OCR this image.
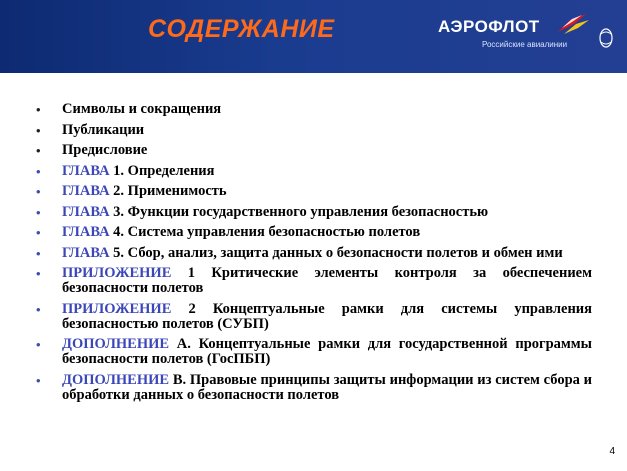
СОДЕРЖАНИЕ	АЭРОФЛОТ
Российские авиалинии
• Символы и сокращения
• Публикации
• Предисловие
• ГЛАВА 1. Определения
• ГЛАВА 2. Применимость
• ГЛАВА 3. Функции государственного управления безопасностью
• ГЛАВА 4. Система управления безопасностью полетов
• ГЛАВА 5. Сбор, анализ, защита данных о безопасности полетов и обмен ими
• ПРИЛОЖЕНИЕ 1 Критические элементы контроля за обеспечением безопасности полетов
• ПРИЛОЖЕНИЕ 2 Концептуальные рамки для системы управления безопасностью полетов (СУБП)
• ДОПОЛНЕНИЕ А. Концептуальные рамки для государственной программы безопасности полетов (ГосПБП)
• ДОПОЛНЕНИЕ В. Правовые принципы защиты информации из систем сбора и обработки данных о безопасности полетов
4
